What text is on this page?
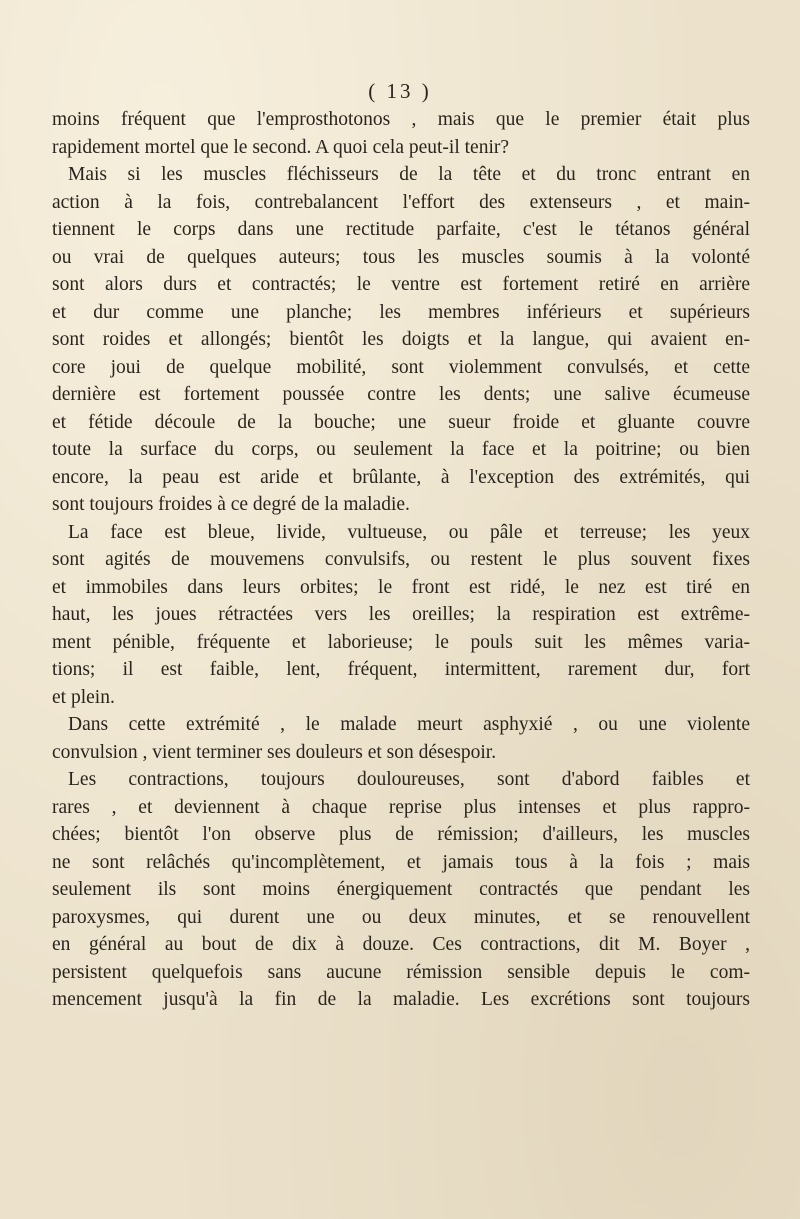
( 13 )
moins fréquent que l'emprosthotonos , mais que le premier était plus
rapidement mortel que le second. A quoi cela peut-il tenir?
Mais si les muscles fléchisseurs de la tête et du tronc entrant en
action à la fois, contrebalancent l'effort des extenseurs , et main-
tiennent le corps dans une rectitude parfaite, c'est le tétanos général
ou vrai de quelques auteurs; tous les muscles soumis à la volonté
sont alors durs et contractés; le ventre est fortement retiré en arrière
et dur comme une planche; les membres inférieurs et supérieurs
sont roides et allongés; bientôt les doigts et la langue, qui avaient en-
core joui de quelque mobilité, sont violemment convulsés, et cette
dernière est fortement poussée contre les dents; une salive écumeuse
et fétide découle de la bouche; une sueur froide et gluante couvre
toute la surface du corps, ou seulement la face et la poitrine; ou bien
encore, la peau est aride et brûlante, à l'exception des extrémités, qui
sont toujours froides à ce degré de la maladie.
La face est bleue, livide, vultueuse, ou pâle et terreuse; les yeux
sont agités de mouvemens convulsifs, ou restent le plus souvent fixes
et immobiles dans leurs orbites; le front est ridé, le nez est tiré en
haut, les joues rétractées vers les oreilles; la respiration est extrême-
ment pénible, fréquente et laborieuse; le pouls suit les mêmes varia-
tions; il est faible, lent, fréquent, intermittent, rarement dur, fort
et plein.
Dans cette extrémité , le malade meurt asphyxié , ou une violente
convulsion , vient terminer ses douleurs et son désespoir.
Les contractions, toujours douloureuses, sont d'abord faibles et
rares , et deviennent à chaque reprise plus intenses et plus rappro-
chées; bientôt l'on observe plus de rémission; d'ailleurs, les muscles
ne sont relâchés qu'incomplètement, et jamais tous à la fois ; mais
seulement ils sont moins énergiquement contractés que pendant les
paroxysmes, qui durent une ou deux minutes, et se renouvellent
en général au bout de dix à douze. Ces contractions, dit M. Boyer ,
persistent quelquefois sans aucune rémission sensible depuis le com-
mencement jusqu'à la fin de la maladie. Les excrétions sont toujours
